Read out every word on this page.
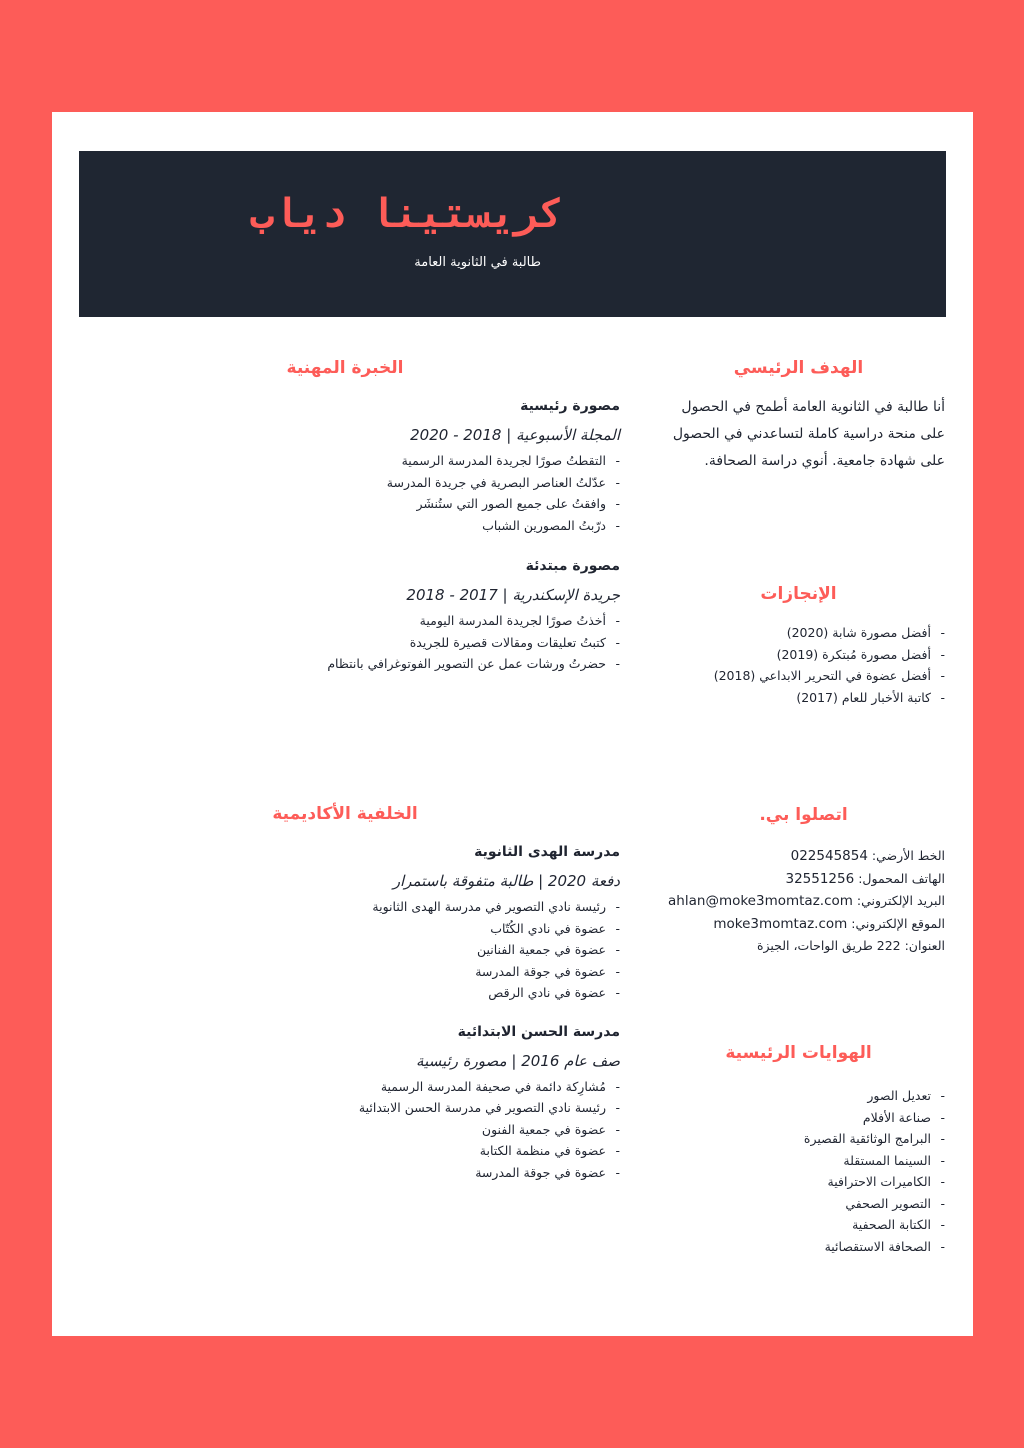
كريستينا دياب
طالبة في الثانوية العامة
الهدف الرئيسي

أنا طالبة في الثانوية العامة أطمح في الحصول
على منحة دراسية كاملة لتساعدني في الحصول
على شهادة جامعية. أنوي دراسة الصحافة.

الإنجازات
-أفضل مصورة شابة (2020)
-أفضل مصورة مُبتكرة (2019)
-أفضل عضوة في التحرير الابداعي (2018)
-كاتبة الأخبار للعام (2017)
اتصلوا بي.
الخط الأرضي: 022545854
الهاتف المحمول: 32551256
البريد الإلكتروني: ahlan@moke3momtaz.com
الموقع الإلكتروني: moke3momtaz.com
العنوان: 222 طريق الواحات، الجيزة
الهوايات الرئيسية
-تعديل الصور
-صناعة الأفلام
-البرامج الوثائقية القصيرة
-السينما المستقلة
-الكاميرات الاحترافية
-التصوير الصحفي
-الكتابة الصحفية
-الصحافة الاستقصائية
الخبرة المهنية

مصورة رئيسية

المجلة الأسبوعية | 2018 - 2020

-التقطتُ صورًا لجريدة المدرسة الرسمية
-عدّلتُ العناصر البصرية في جريدة المدرسة
-وافقتُ على جميع الصور التي ستُنشَر
-درّبتُ المصورين الشباب

مصورة مبتدئة

جريدة الإسكندرية | 2017 - 2018

-أخذتُ صورًا لجريدة المدرسة اليومية
-كتبتُ تعليقات ومقالات قصيرة للجريدة
-حضرتُ ورشات عمل عن التصوير الفوتوغرافي بانتظام
الخلفية الأكاديمية

مدرسة الهدى الثانوية

دفعة 2020 | طالبة متفوقة باستمرار

-رئيسة نادي التصوير في مدرسة الهدى الثانوية
-عضوة في نادي الكُتّاب
-عضوة في جمعية الفنانين
-عضوة في جوقة المدرسة
-عضوة في نادي الرقص

مدرسة الحسن الابتدائية

صف عام 2016 | مصورة رئيسية

-مُشارِكة دائمة في صحيفة المدرسة الرسمية
-رئيسة نادي التصوير في مدرسة الحسن الابتدائية
-عضوة في جمعية الفنون
-عضوة في منظمة الكتابة
-عضوة في جوقة المدرسة
